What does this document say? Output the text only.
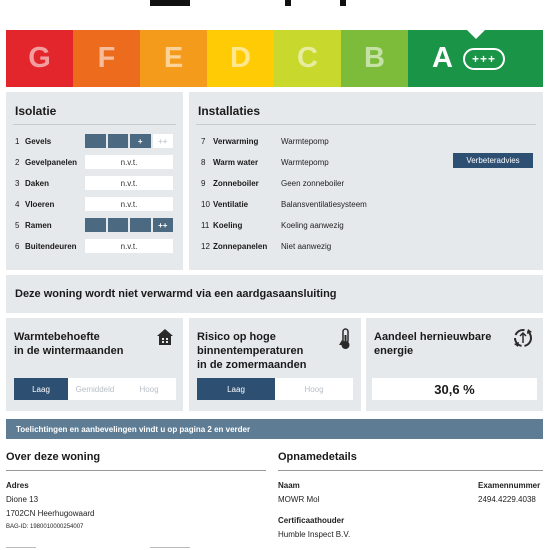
G F E D C B A	+++
Isolatie
1 Gevels	+	++
2 Gevelpanelen	n.v.t.
3 Daken	n.v.t.
4 Vloeren	n.v.t.
5 Ramen	++
6 Buitendeuren	n.v.t.
Installaties
7 Verwarming	Warmtepomp
8 Warm water	Warmtepomp
9 Zonneboiler	Geen zonneboiler
10 Ventilatie	Balansventilatiesysteem
11 Koeling	Koeling aanwezig
12 Zonnepanelen	Niet aanwezig
Verbeteradvies
Deze woning wordt niet verwarmd via een aardgasaansluiting
Warmtebehoefte
in de wintermaanden
Laag	Gemiddeld	Hoog
Risico op hoge
binnentemperaturen
in de zomermaanden
Laag	Hoog
Aandeel hernieuwbare
energie
30,6 %
Toelichtingen en aanbevelingen vindt u op pagina 2 en verder
Over deze woning
Adres
Dione 13
1702CN Heerhugowaard
BAG-ID: 1980010000254007
Opnamedetails
Naam
MOWR Mol
Examennummer
2494.4229.4038
Certificaathouder
Humble Inspect B.V.
